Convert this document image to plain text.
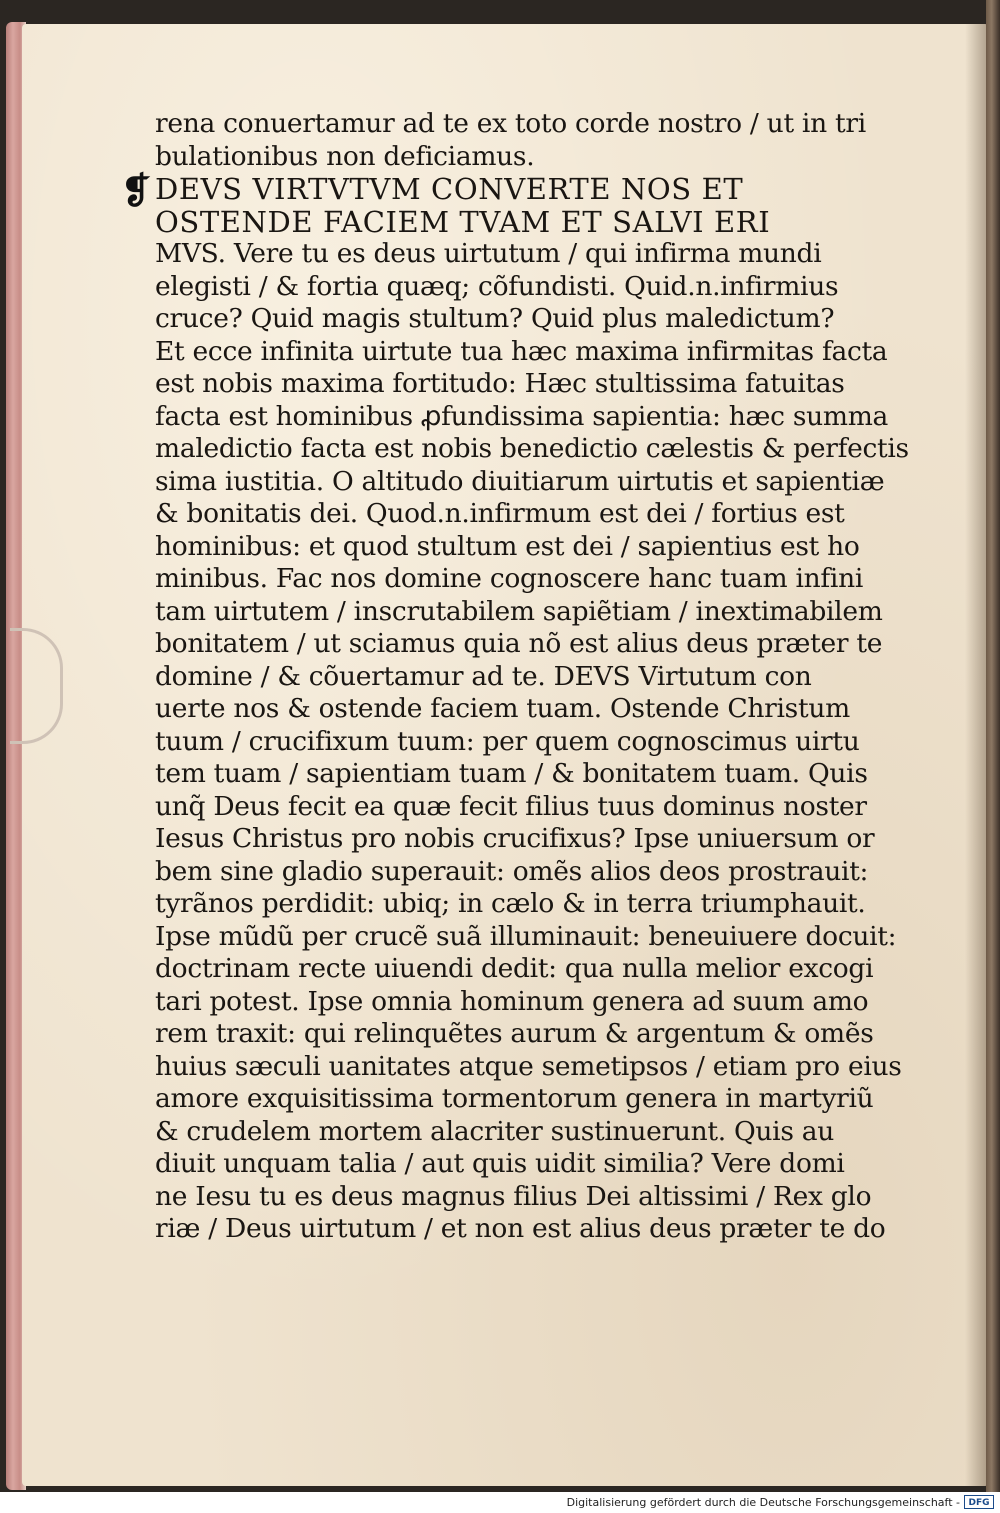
rena conuertamur ad te ex toto corde nostro / ut in tri
bulationibus non deficiamus.
❡ DEVS VIRTVTVM CONVERTE NOS ET
OSTENDE FACIEM TVAM ET SALVI ERI
MVS. Vere tu es deus uirtutum / qui infirma mundi
elegisti / & fortia quæq; cõfundisti. Quid.n.infirmius
cruce? Quid magis stultum? Quid plus maledictum?
Et ecce infinita uirtute tua hæc maxima infirmitas facta
est nobis maxima fortitudo: Hæc stultissima fatuitas
facta est hominibus ꝓfundissima sapientia: hæc summa
maledictio facta est nobis benedictio cælestis & perfectis
sima iustitia. O altitudo diuitiarum uirtutis et sapientiæ
& bonitatis dei. Quod.n.infirmum est dei / fortius est
hominibus: et quod stultum est dei / sapientius est ho
minibus. Fac nos domine cognoscere hanc tuam infini
tam uirtutem / inscrutabilem sapiẽtiam / inextimabilem
bonitatem / ut sciamus quia nõ est alius deus præter te
domine / & cõuertamur ad te. DEVS Virtutum con
uerte nos & ostende faciem tuam. Ostende Christum
tuum / crucifixum tuum: per quem cognoscimus uirtu
tem tuam / sapientiam tuam / & bonitatem tuam. Quis
unq̃ Deus fecit ea quæ fecit filius tuus dominus noster
Iesus Christus pro nobis crucifixus? Ipse uniuersum or
bem sine gladio superauit: omẽs alios deos prostrauit:
tyrãnos perdidit: ubiq; in cælo & in terra triumphauit.
Ipse mũdũ per crucẽ suã illuminauit: beneuiuere docuit:
doctrinam recte uiuendi dedit: qua nulla melior excogi
tari potest. Ipse omnia hominum genera ad suum amo
rem traxit: qui relinquẽtes aurum & argentum & omẽs
huius sæculi uanitates atque semetipsos / etiam pro eius
amore exquisitissima tormentorum genera in martyriũ
& crudelem mortem alacriter sustinuerunt. Quis au
diuit unquam talia / aut quis uidit similia? Vere domi
ne Iesu tu es deus magnus filius Dei altissimi / Rex glo
riæ / Deus uirtutum / et non est alius deus præter te do
Digitalisierung gefördert durch die Deutsche Forschungsgemeinschaft - DFG
